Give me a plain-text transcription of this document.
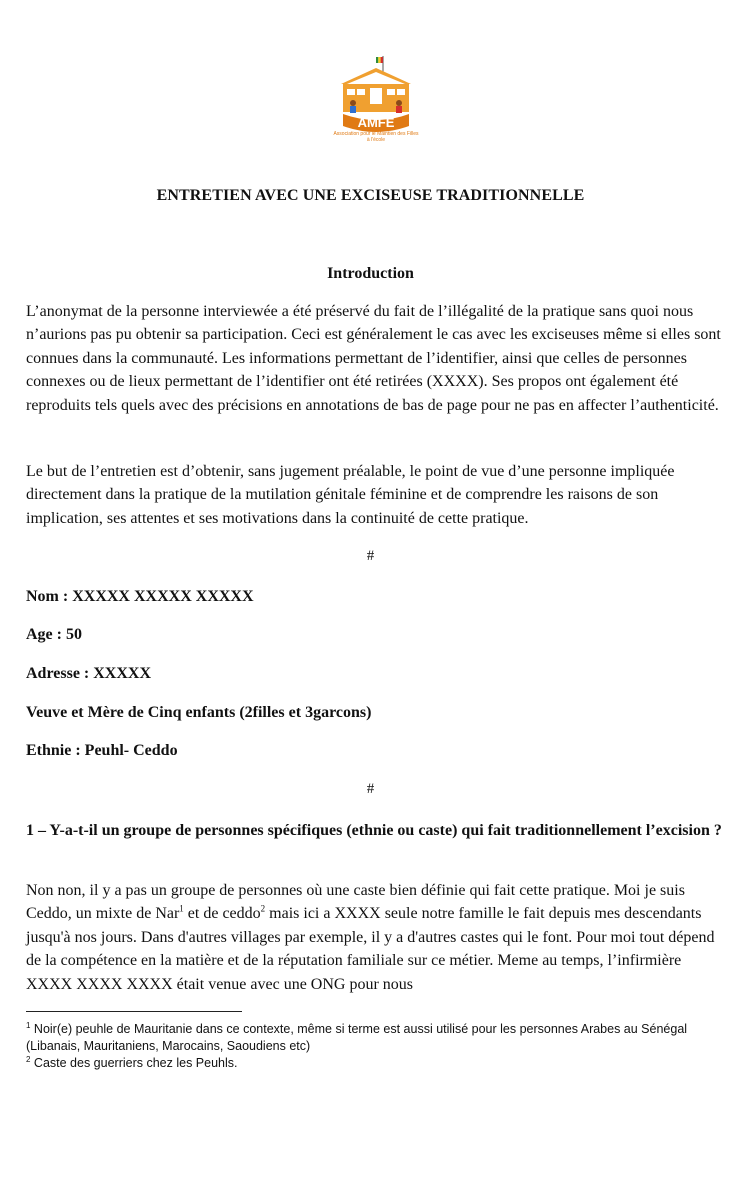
AMFE
Association pour le Maintien des Filles à l'école
ENTRETIEN AVEC UNE EXCISEUSE TRADITIONNELLE
Introduction

L’anonymat de la personne interviewée a été préservé du fait de l’illégalité de la pratique sans quoi nous n’aurions pas pu obtenir sa participation. Ceci est généralement le cas avec les exciseuses même si elles sont connues dans la communauté. Les informations permettant de l’identifier, ainsi que celles de personnes connexes ou de lieux permettant de l’identifier ont été retirées (XXXX). Ses propos ont également été reproduits tels quels avec des précisions en annotations de bas de page pour ne pas en affecter l’authenticité.

Le but de l’entretien est d’obtenir, sans jugement préalable, le point de vue d’une personne impliquée directement dans la pratique de la mutilation génitale féminine et de comprendre les raisons de son implication, ses attentes et ses motivations dans la continuité de cette pratique.

#

Nom : XXXXX XXXXX XXXXX

Age : 50

Adresse : XXXXX

Veuve et Mère de Cinq enfants (2filles et 3garcons)

Ethnie : Peuhl- Ceddo

#

1 – Y-a-t-il un groupe de personnes spécifiques (ethnie ou caste) qui fait traditionnellement l’excision ?

Non non, il y a pas un groupe de personnes où une caste bien définie qui fait cette pratique. Moi je suis Ceddo, un mixte de Nar$^1$ et de ceddo$^2$ mais ici a XXXX seule notre famille le fait depuis mes descendants jusqu'à nos jours. Dans d'autres villages par exemple, il y a d'autres castes qui le font. Pour moi tout dépend de la compétence en la matière et de la réputation familiale sur ce métier. Meme au temps, l’infirmière XXXX XXXX XXXX était venue avec une ONG pour nous

$^1$ Noir(e) peuhle de Mauritanie dans ce contexte, même si terme est aussi utilisé pour les personnes Arabes au Sénégal (Libanais, Mauritaniens, Marocains, Saoudiens etc)

$^2$ Caste des guerriers chez les Peuhls.
